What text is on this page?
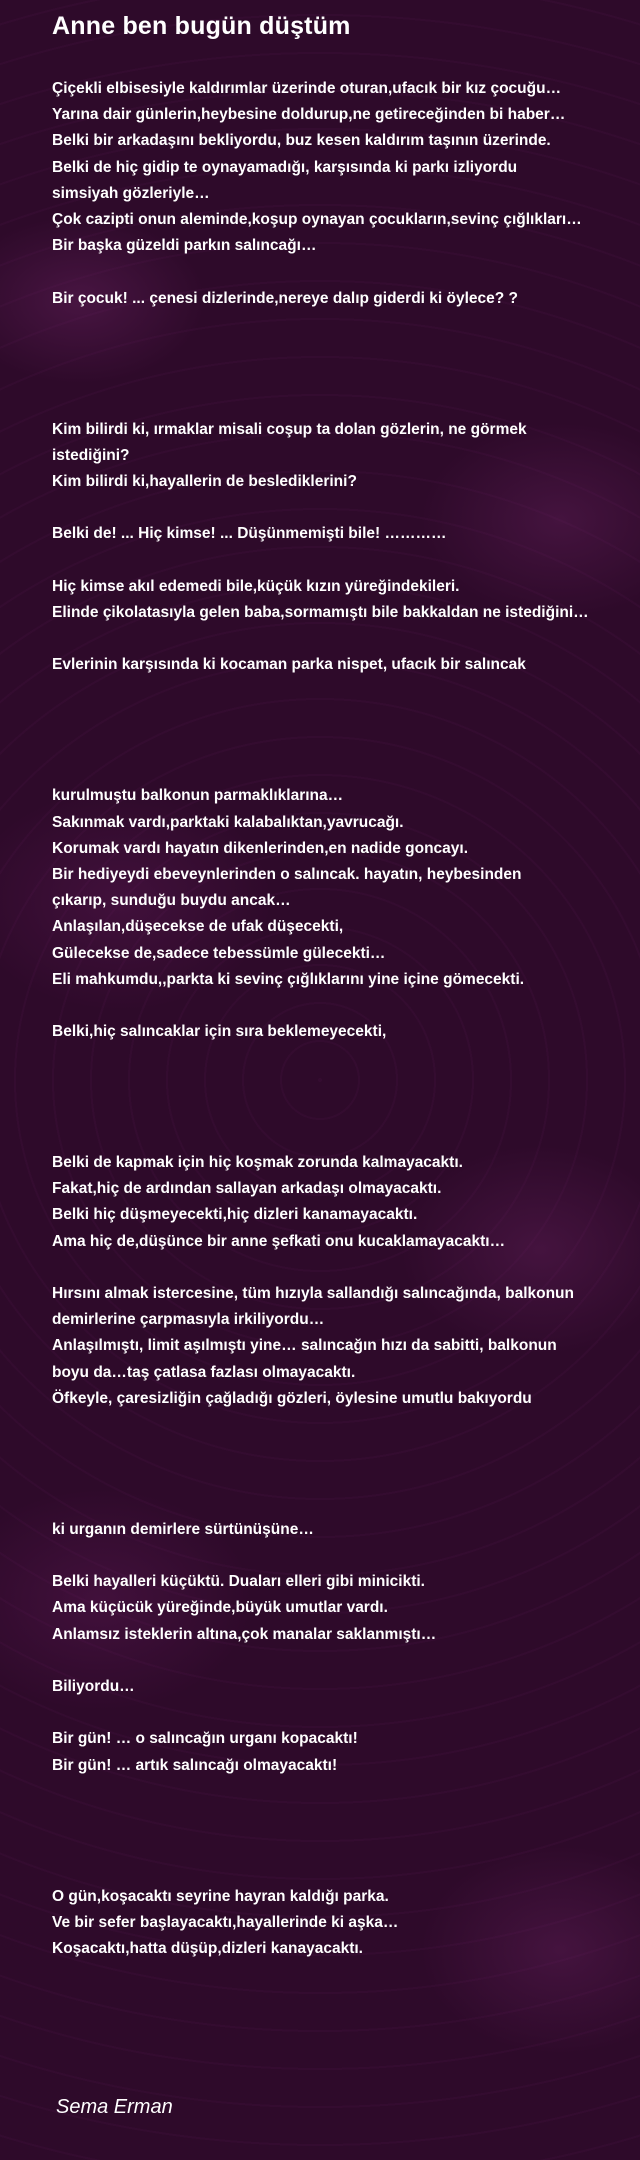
Anne ben bugün düştüm
Çiçekli elbisesiyle kaldırımlar üzerinde oturan,ufacık bir kız çocuğu…
Yarına dair günlerin,heybesine doldurup,ne getireceğinden bi haber…
Belki bir arkadaşını bekliyordu, buz kesen kaldırım taşının üzerinde.
Belki de hiç gidip te oynayamadığı, karşısında ki parkı izliyordu
simsiyah gözleriyle…
Çok cazipti onun aleminde,koşup oynayan çocukların,sevinç çığlıkları…
Bir başka güzeldi parkın salıncağı…
Bir çocuk! ... çenesi dizlerinde,nereye dalıp giderdi ki öylece? ?
Kim bilirdi ki, ırmaklar misali coşup ta dolan gözlerin, ne görmek
istediğini?
Kim bilirdi ki,hayallerin de beslediklerini?
Belki de! ... Hiç kimse! ... Düşünmemişti bile! …………
Hiç kimse akıl edemedi bile,küçük kızın yüreğindekileri.
Elinde çikolatasıyla gelen baba,sormamıştı bile bakkaldan ne istediğini…
Evlerinin karşısında ki kocaman parka nispet, ufacık bir salıncak
kurulmuştu balkonun parmaklıklarına…
Sakınmak vardı,parktaki kalabalıktan,yavrucağı.
Korumak vardı hayatın dikenlerinden,en nadide goncayı.
Bir hediyeydi ebeveynlerinden o salıncak. hayatın, heybesinden
çıkarıp, sunduğu buydu ancak…
Anlaşılan,düşecekse de ufak düşecekti,
Gülecekse de,sadece tebessümle gülecekti…
Eli mahkumdu,,parkta ki sevinç çığlıklarını yine içine gömecekti.
Belki,hiç salıncaklar için sıra beklemeyecekti,
Belki de kapmak için hiç koşmak zorunda kalmayacaktı.
Fakat,hiç de ardından sallayan arkadaşı olmayacaktı.
Belki hiç düşmeyecekti,hiç dizleri kanamayacaktı.
Ama hiç de,düşünce bir anne şefkati onu kucaklamayacaktı…
Hırsını almak istercesine, tüm hızıyla sallandığı salıncağında, balkonun
demirlerine çarpmasıyla irkiliyordu…
Anlaşılmıştı, limit aşılmıştı yine… salıncağın hızı da sabitti, balkonun
boyu da…taş çatlasa fazlası olmayacaktı.
Öfkeyle, çaresizliğin çağladığı gözleri, öylesine umutlu bakıyordu
ki urganın demirlere sürtünüşüne…
Belki hayalleri küçüktü. Duaları elleri gibi minicikti.
Ama küçücük yüreğinde,büyük umutlar vardı.
Anlamsız isteklerin altına,çok manalar saklanmıştı…
Biliyordu…
Bir gün! … o salıncağın urganı kopacaktı!
Bir gün! … artık salıncağı olmayacaktı!
O gün,koşacaktı seyrine hayran kaldığı parka.
Ve bir sefer başlayacaktı,hayallerinde ki aşka…
Koşacaktı,hatta düşüp,dizleri kanayacaktı.
Sema Erman
